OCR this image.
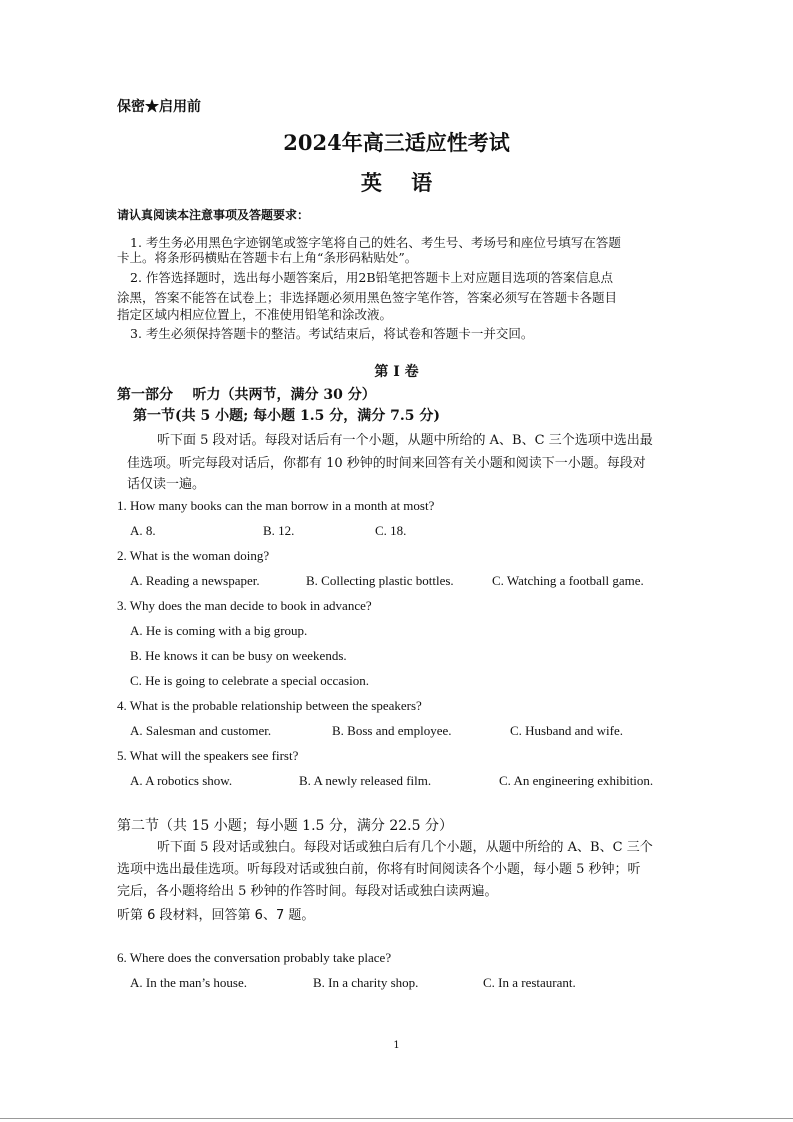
保密★启用前
2024年高三适应性考试
英    语
请认真阅读本注意事项及答题要求：
1. 考生务必用黑色字迹钢笔或签字笔将自己的姓名、考生号、考场号和座位号填写在答题
卡上。将条形码横贴在答题卡右上角“条形码粘贴处”。
2. 作答选择题时，选出每小题答案后，用2B铅笔把答题卡上对应题目选项的答案信息点
涂黑，答案不能答在试卷上；非选择题必须用黑色签字笔作答，答案必须写在答题卡各题目
指定区域内相应位置上，不准使用铅笔和涂改液。
3. 考生必须保持答题卡的整洁。考试结束后，将试卷和答题卡一并交回。
第 I 卷
第一部分    听力（共两节，满分 30 分）
第一节(共 5 小题; 每小题 1.5 分，满分 7.5 分)
听下面 5 段对话。每段对话后有一个小题，从题中所给的 A、B、C 三个选项中选出最
佳选项。听完每段对话后，你都有 10 秒钟的时间来回答有关小题和阅读下一小题。每段对
话仅读一遍。
1. How many books can the man borrow in a month at most?
A. 8.	B. 12.	C. 18.
2. What is the woman doing?
A. Reading a newspaper.	B. Collecting plastic bottles.	C. Watching a football game.
3. Why does the man decide to book in advance?
A. He is coming with a big group.
B. He knows it can be busy on weekends.
C. He is going to celebrate a special occasion.
4. What is the probable relationship between the speakers?
A. Salesman and customer.	B. Boss and employee.	C. Husband and wife.
5. What will the speakers see first?
A. A robotics show.	B. A newly released film.	C. An engineering exhibition.
第二节（共 15 小题；每小题 1.5 分，满分 22.5 分）
听下面 5 段对话或独白。每段对话或独白后有几个小题，从题中所给的 A、B、C 三个
选项中选出最佳选项。听每段对话或独白前，你将有时间阅读各个小题，每小题 5 秒钟；听
完后，各小题将给出 5 秒钟的作答时间。每段对话或独白读两遍。
听第 6 段材料，回答第 6、7 题。
6. Where does the conversation probably take place?
A. In the man’s house.	B. In a charity shop.	C. In a restaurant.
1
